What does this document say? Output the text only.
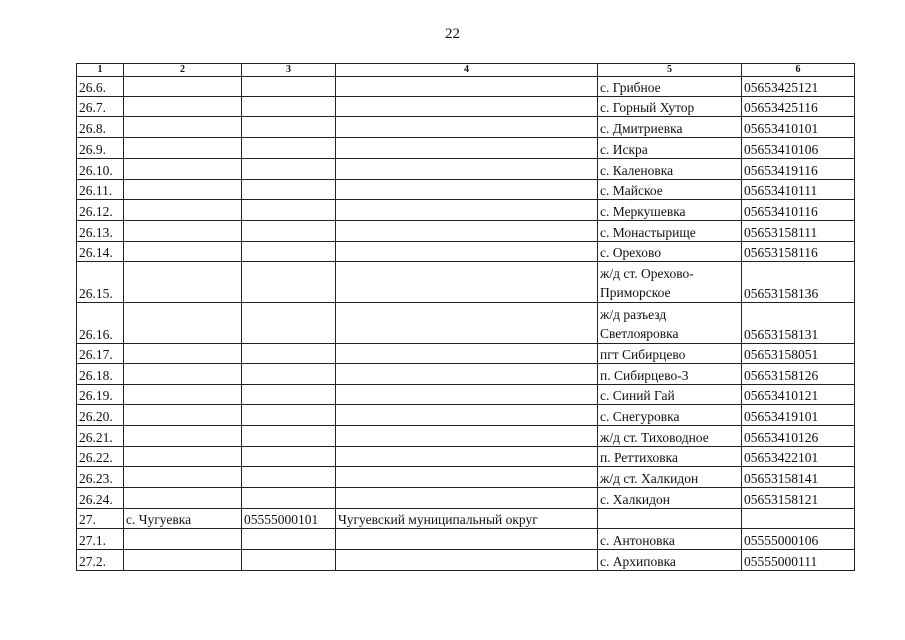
22
1	2	3	4	5	6
26.6.				с. Грибное	05653425121
26.7.				с. Горный Хутор	05653425116
26.8.				с. Дмитриевка	05653410101
26.9.				с. Искра	05653410106
26.10.				с. Каленовка	05653419116
26.11.				с. Майское	05653410111
26.12.				с. Меркушевка	05653410116
26.13.				с. Монастырище	05653158111
26.14.				с. Орехово	05653158116
26.15.				ж/д ст. Орехово-Приморское	05653158136
26.16.				ж/д разъезд Светлояровка	05653158131
26.17.				пгт Сибирцево	05653158051
26.18.				п. Сибирцево-3	05653158126
26.19.				с. Синий Гай	05653410121
26.20.				с. Снегуровка	05653419101
26.21.				ж/д ст. Тиховодное	05653410126
26.22.				п. Реттиховка	05653422101
26.23.				ж/д ст. Халкидон	05653158141
26.24.				с. Халкидон	05653158121
27.	с. Чугуевка	05555000101	Чугуевский муниципальный округ		
27.1.				с. Антоновка	05555000106
27.2.				с. Архиповка	05555000111
